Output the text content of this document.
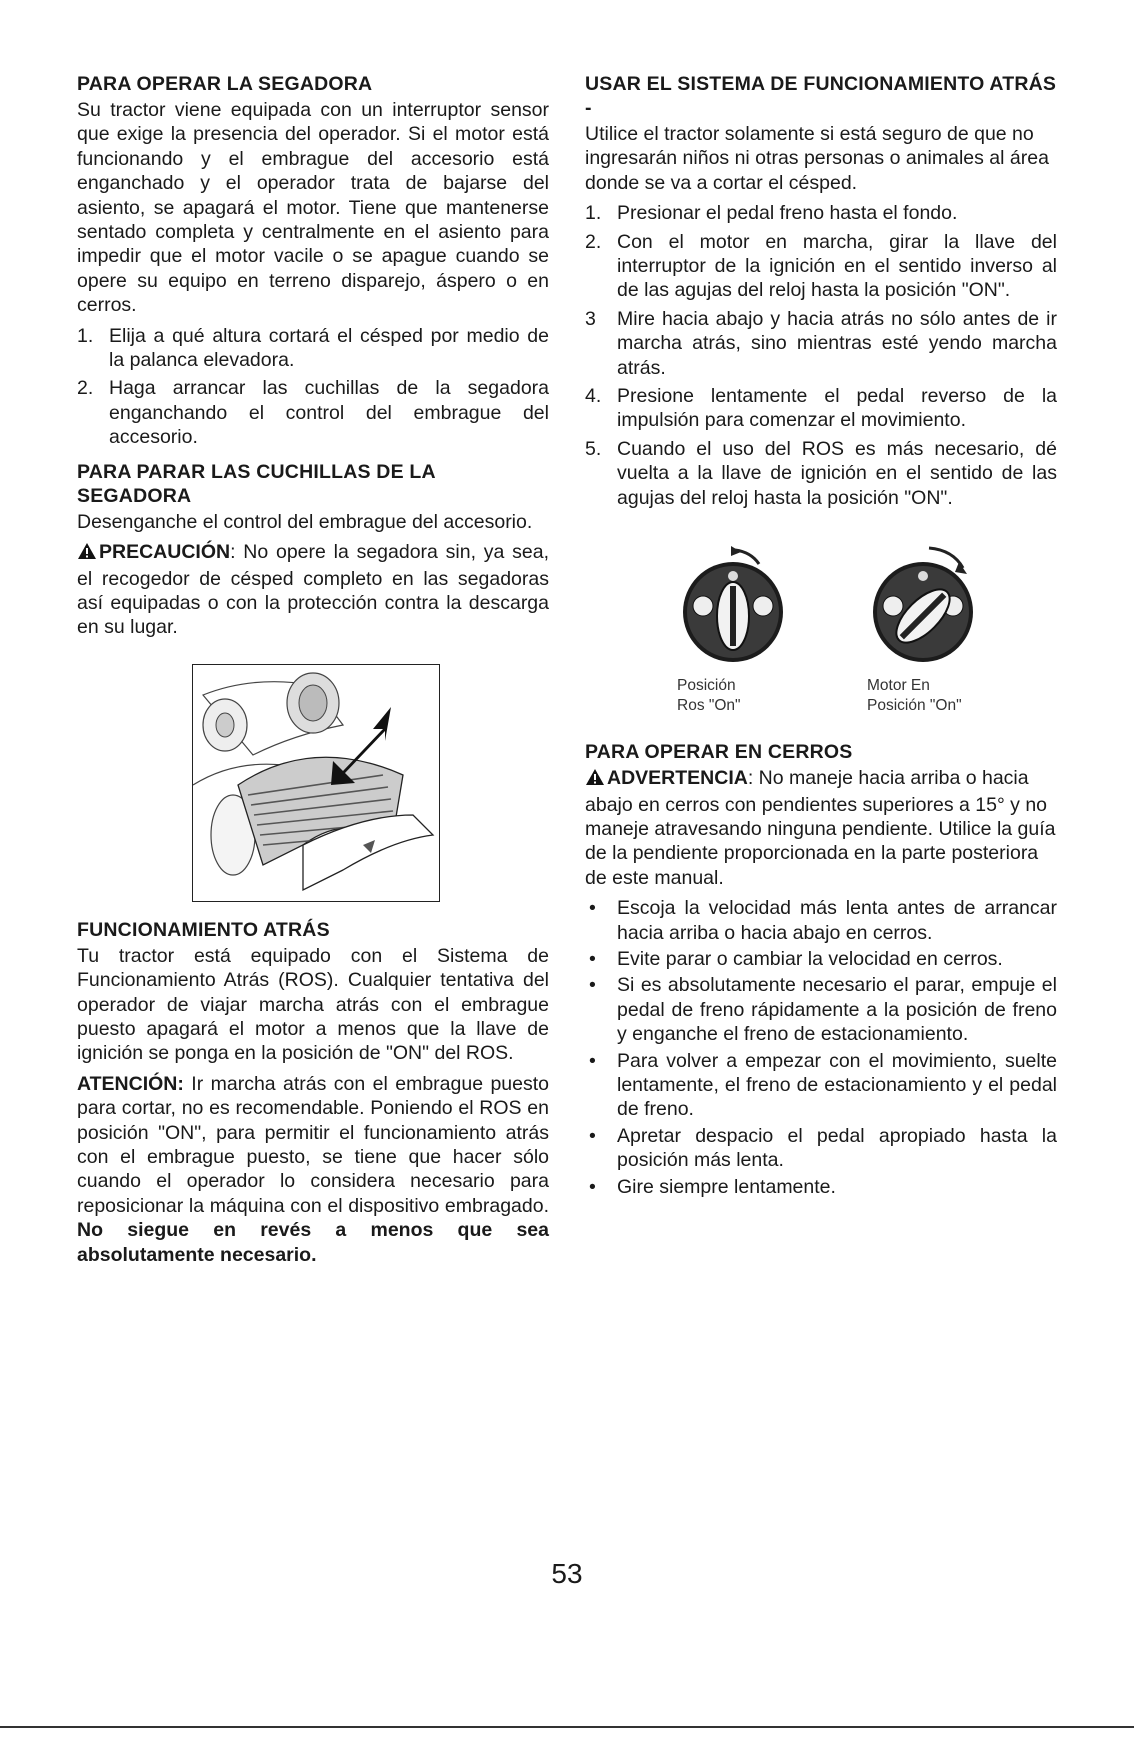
PARA OPERAR LA SEGADORA

Su tractor viene equipada con un interruptor sensor que exige la presencia del operador. Si el motor está funcionando y el embrague del accesorio está enganchado y el operador trata de bajarse del asiento, se apagará el motor. Tiene que mantenerse sentado completa y centralmente en el asiento para impedir que el motor vacile o se apague cuando se opere su equipo en terreno disparejo, áspero o en cerros.

1. Elija a qué altura cortará el césped por medio de la palanca elevadora.
2. Haga arrancar las cuchillas de la segadora enganchando el control del embrague del accesorio.
PARA PARAR LAS CUCHILLAS DE LA SEGADORA

Desenganche el control del embrague del accesorio.

PRECAUCIÓN: No opere la segadora sin, ya sea, el recogedor de césped completo en las segadoras así equipadas o con la protección contra la descarga en su lugar.

FUNCIONAMIENTO ATRÁS

Tu tractor está equipado con el Sistema de Funcionamiento Atrás (ROS). Cualquier tentativa del operador de viajar marcha atrás con el embrague puesto apagará el motor a menos que la llave de ignición se ponga en la posición de "ON" del ROS.

ATENCIÓN: Ir marcha atrás con el embrague puesto para cortar, no es recomendable. Poniendo el ROS en posición "ON", para permitir el funcionamiento atrás con el embrague puesto, se tiene que hacer sólo cuando el operador lo considera necesario para reposicionar la máquina con el dispositivo embragado. No siegue en revés a menos que sea absolutamente necesario.

USAR EL SISTEMA DE FUNCIONAMIENTO ATRÁS -

Utilice el tractor solamente si está seguro de que no ingresarán niños ni otras personas o animales al área donde se va a cortar el césped.

1. Presionar el pedal freno hasta el fondo.
2. Con el motor en marcha, girar la llave del interruptor de la ignición en el sentido inverso al de las agujas del reloj hasta la posición "ON".
3	Mire hacia abajo y hacia atrás no sólo antes de ir marcha atrás, sino mientras esté yendo marcha atrás.
4. Presione lentamente el pedal reverso de la impulsión para comenzar el movimiento.
5. Cuando el uso del ROS es más necesario, dé vuelta a la llave de ignición en el sentido de las agujas del reloj hasta la posición "ON".
Posición
Ros "On"
Motor En
Posición "On"
PARA OPERAR EN CERROS

ADVERTENCIA: No maneje hacia arriba o hacia abajo en cerros con pendientes superiores a 15° y no maneje atravesando ninguna pendiente. Utilice la guía de la pendiente proporcionada en la parte posteriora de este manual.

•	Escoja la velocidad más lenta antes de arrancar hacia arriba o hacia abajo en cerros.
•	Evite parar o cambiar la velocidad en cerros.
•	Si es absolutamente necesario el parar, empuje el pedal de freno rápidamente a la posición de freno y enganche el freno de estacionamiento.
•	Para volver a empezar con el movimiento, suelte lentamente, el freno de estacionamiento y el pedal de freno.
•	Apretar despacio el pedal apropiado hasta la posición más lenta.
•	Gire siempre lentamente.
53
